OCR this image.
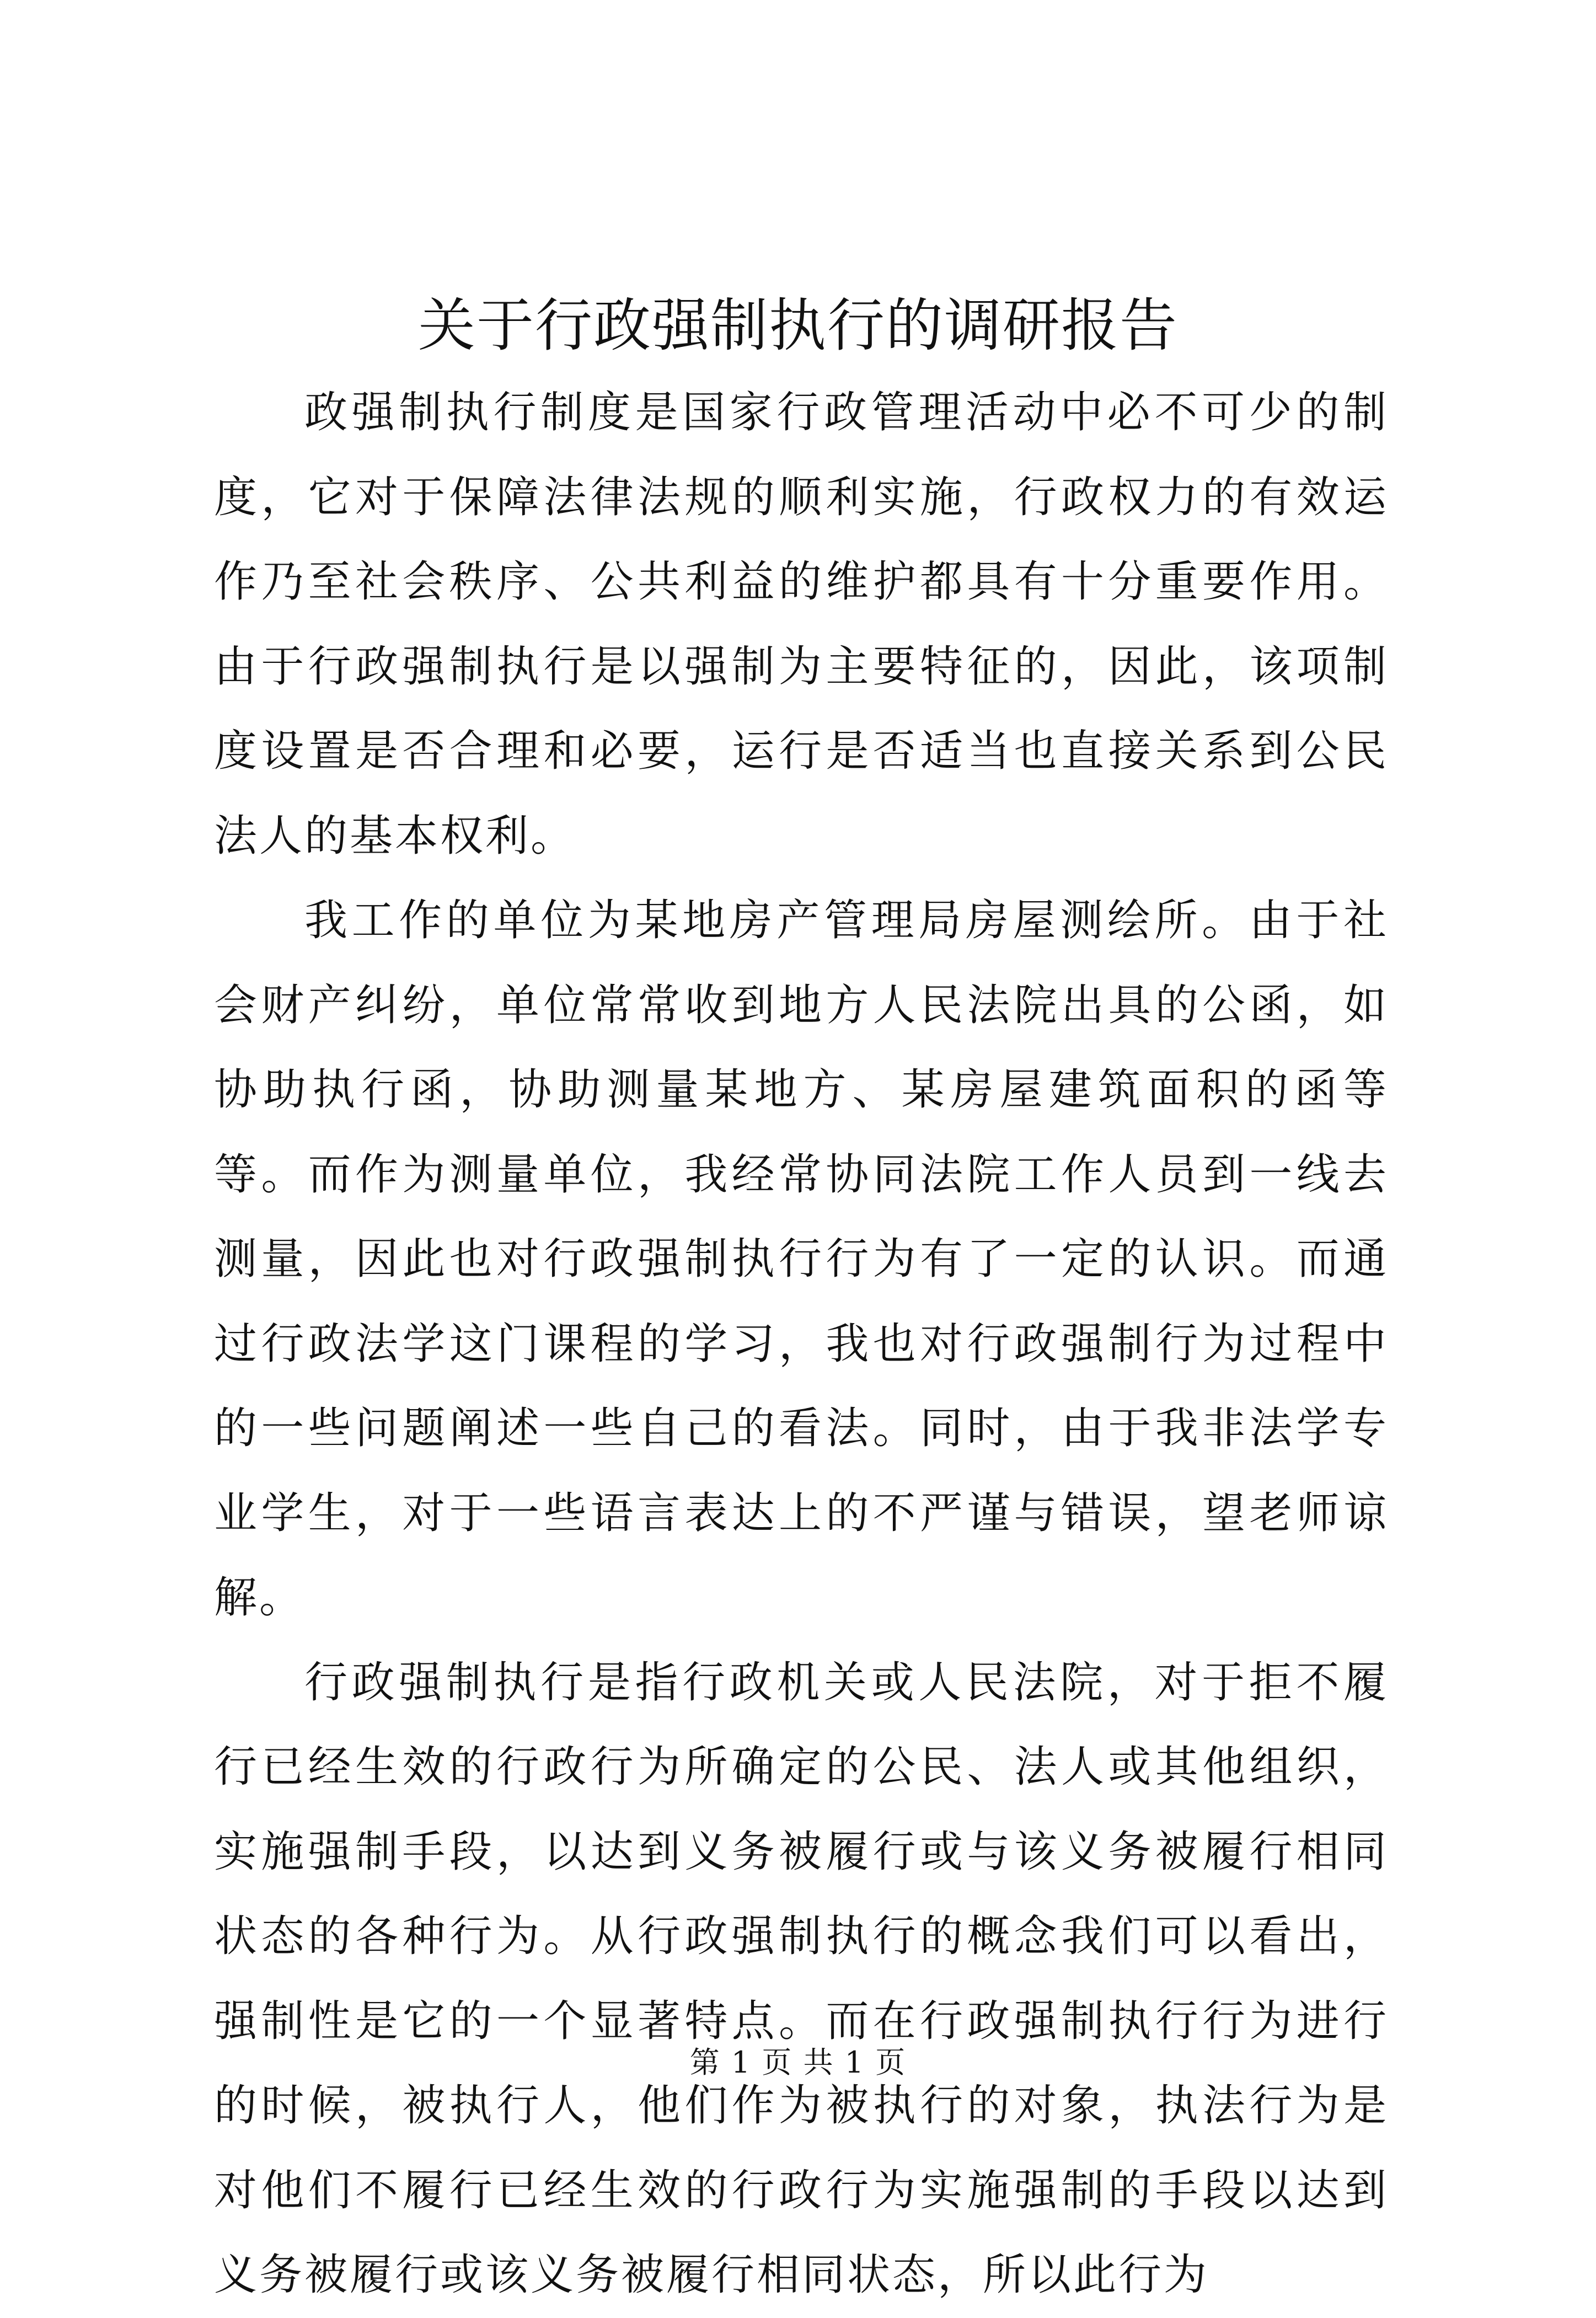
关于行政强制执行的调研报告

政强制执行制度是国家行政管理活动中必不可少的制度，它对于保障法律法规的顺利实施，行政权力的有效运作乃至社会秩序、公共利益的维护都具有十分重要作用。由于行政强制执行是以强制为主要特征的，因此，该项制度设置是否合理和必要，运行是否适当也直接关系到公民法人的基本权利。

我工作的单位为某地房产管理局房屋测绘所。由于社会财产纠纷，单位常常收到地方人民法院出具的公函，如协助执行函，协助测量某地方、某房屋建筑面积的函等等。而作为测量单位，我经常协同法院工作人员到一线去测量，因此也对行政强制执行行为有了一定的认识。而通过行政法学这门课程的学习，我也对行政强制行为过程中的一些问题阐述一些自己的看法。同时，由于我非法学专业学生，对于一些语言表达上的不严谨与错误，望老师谅解。

行政强制执行是指行政机关或人民法院，对于拒不履行已经生效的行政行为所确定的公民、法人或其他组织，实施强制手段，以达到义务被履行或与该义务被履行相同状态的各种行为。从行政强制执行的概念我们可以看出，强制性是它的一个显著特点。而在行政强制执行行为进行的时候，被执行人，他们作为被执行的对象，执法行为是对他们不履行已经生效的行政行为实施强制的手段以达到义务被履行或该义务被履行相同状态，所以此行为

第 1 页 共 1 页
